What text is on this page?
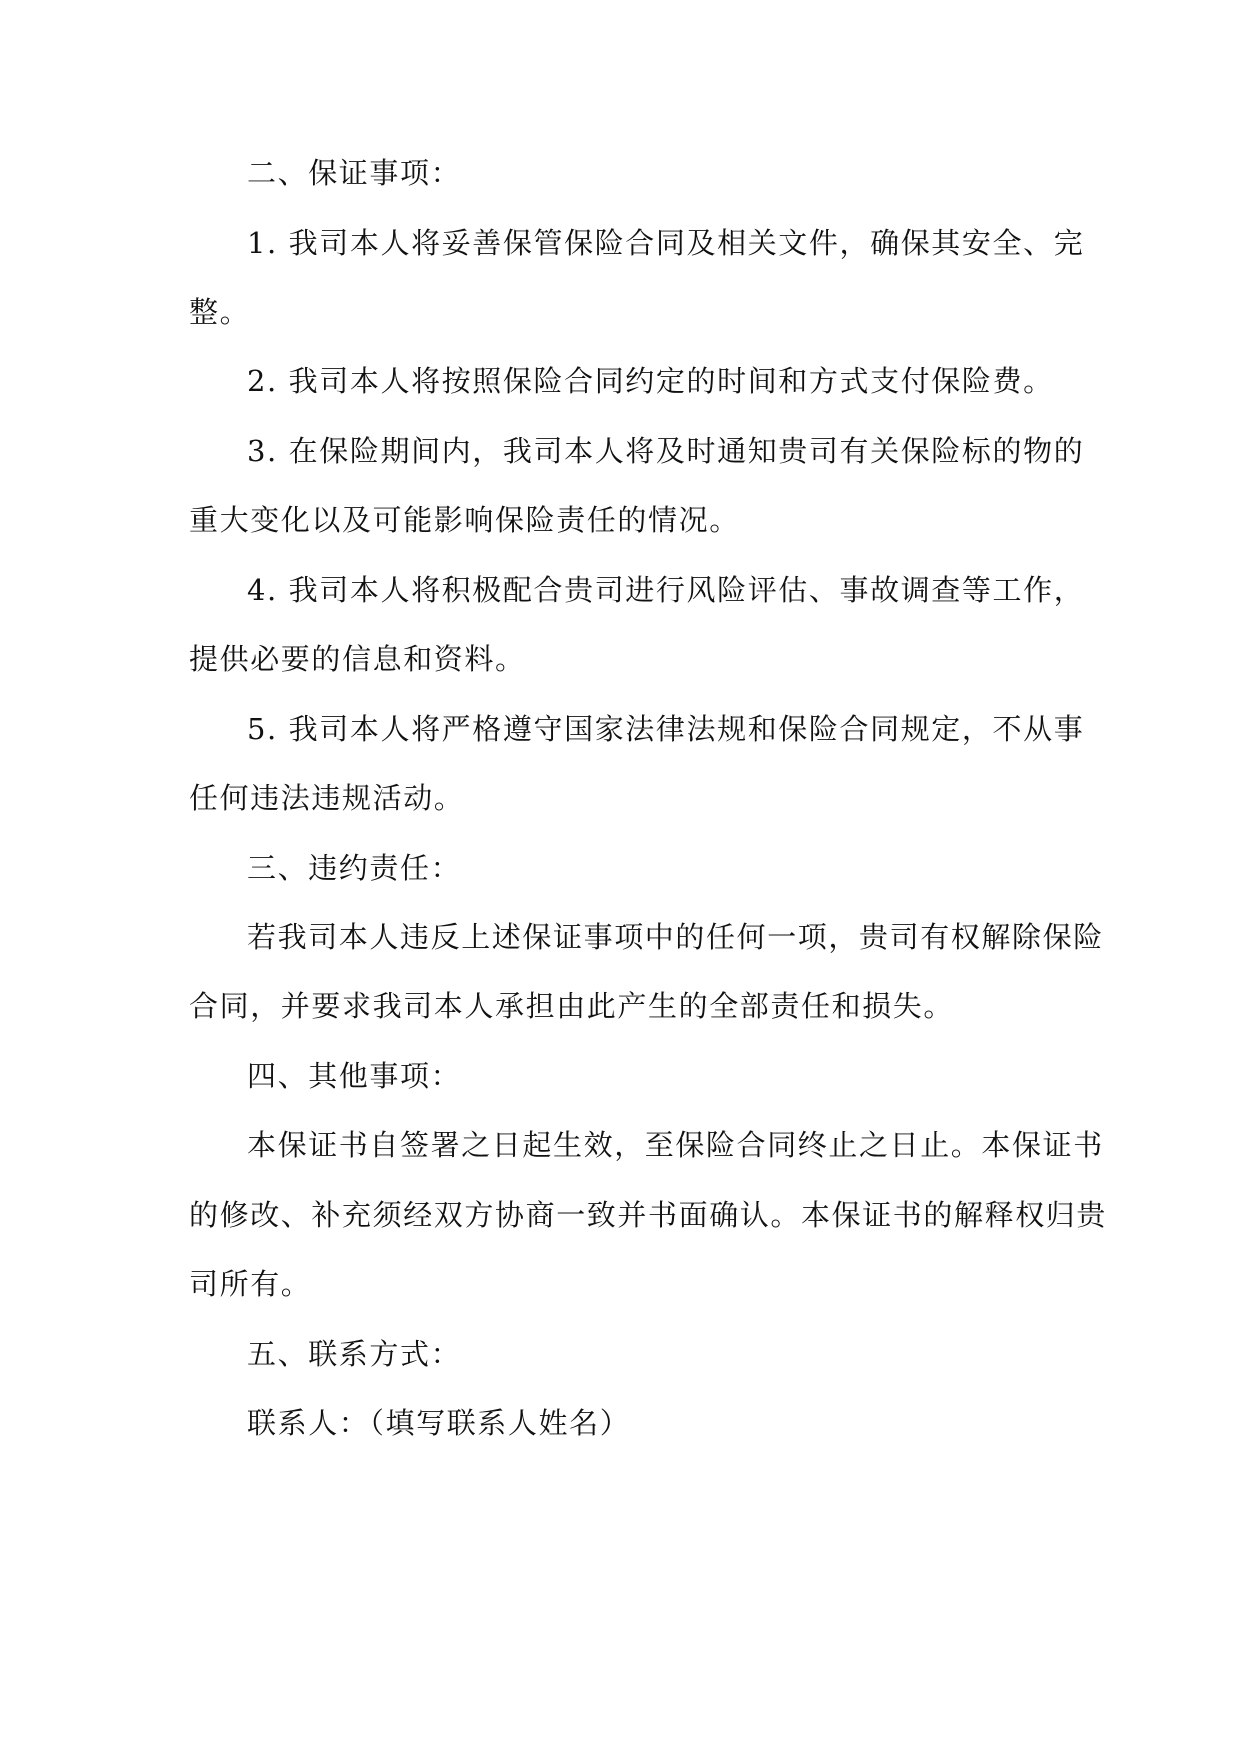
二、保证事项：
1. 我司本人将妥善保管保险合同及相关文件，确保其安全、完
整。
2. 我司本人将按照保险合同约定的时间和方式支付保险费。
3. 在保险期间内，我司本人将及时通知贵司有关保险标的物的
重大变化以及可能影响保险责任的情况。
4. 我司本人将积极配合贵司进行风险评估、事故调查等工作，
提供必要的信息和资料。
5. 我司本人将严格遵守国家法律法规和保险合同规定，不从事
任何违法违规活动。
三、违约责任：
若我司本人违反上述保证事项中的任何一项，贵司有权解除保险
合同，并要求我司本人承担由此产生的全部责任和损失。
四、其他事项：
本保证书自签署之日起生效，至保险合同终止之日止。本保证书
的修改、补充须经双方协商一致并书面确认。本保证书的解释权归贵
司所有。
五、联系方式：
联系人：（填写联系人姓名）
